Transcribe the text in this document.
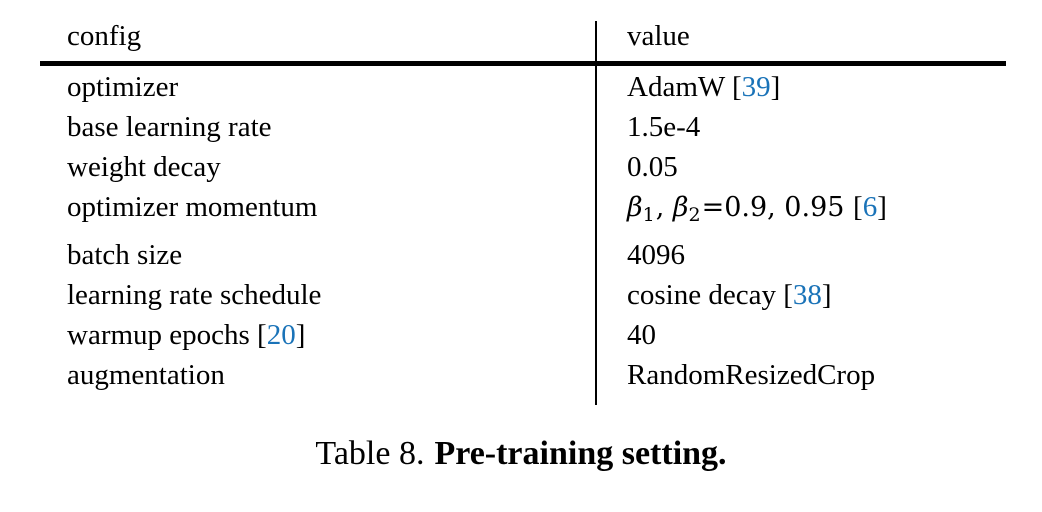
config	value
optimizer	AdamW [39]
base learning rate	1.5e-4
weight decay	0.05
optimizer momentum	β1, β2=0.9, 0.95 [6]
batch size	4096
learning rate schedule	cosine decay [38]
warmup epochs [20]	40
augmentation	RandomResizedCrop
Table 8. Pre-training setting.
